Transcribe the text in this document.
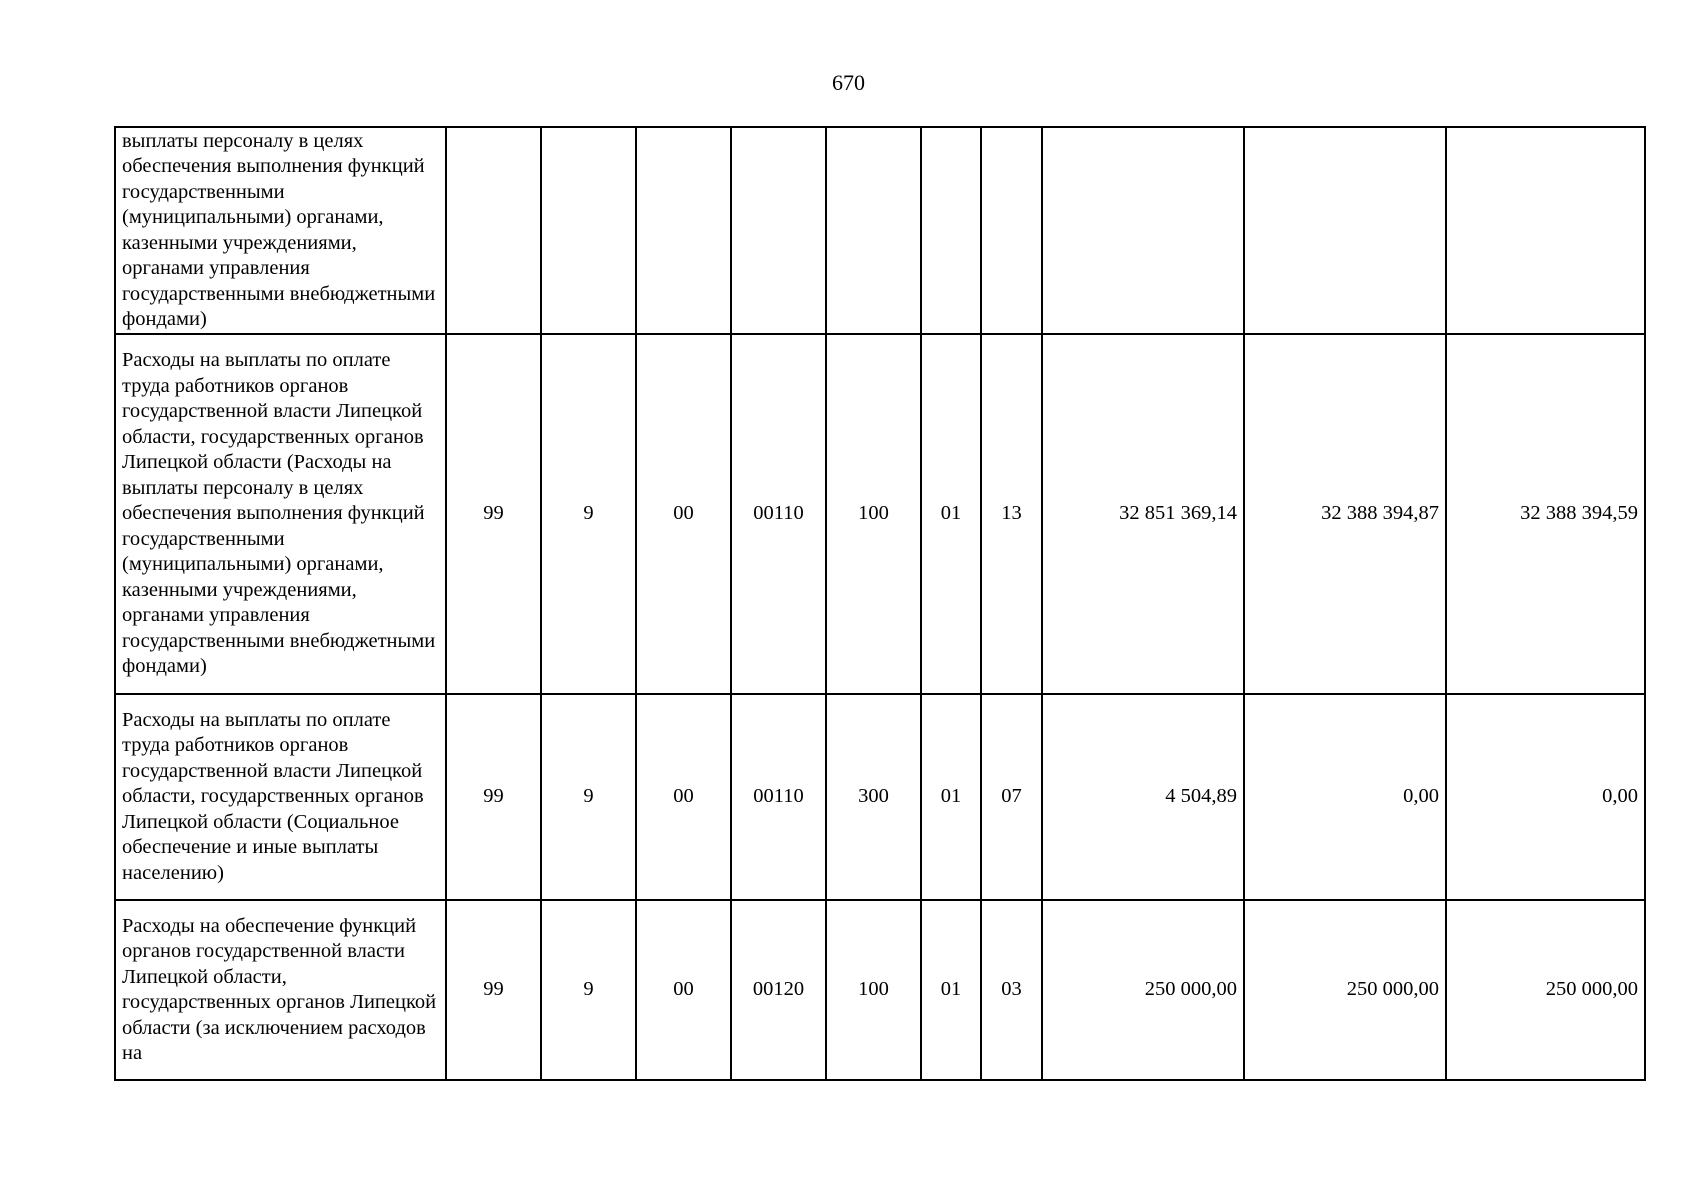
670
выплаты персоналу в целях обеспечения выполнения функций государственными (муниципальными) органами, казенными учреждениями, органами управления государственными внебюджетными фондами)										
Расходы на выплаты по оплате труда работников органов государственной власти Липецкой области, государственных органов Липецкой области (Расходы на выплаты персоналу в целях обеспечения выполнения функций государственными (муниципальными) органами, казенными учреждениями, органами управления государственными внебюджетными фондами)	99	9	00	00110	100	01	13	32 851 369,14	32 388 394,87	32 388 394,59
Расходы на выплаты по оплате труда работников органов государственной власти Липецкой области, государственных органов Липецкой области (Социальное обеспечение и иные выплаты населению)	99	9	00	00110	300	01	07	4 504,89	0,00	0,00
Расходы на обеспечение функций органов государственной власти Липецкой области, государственных органов Липецкой области (за исключением расходов на	99	9	00	00120	100	01	03	250 000,00	250 000,00	250 000,00
